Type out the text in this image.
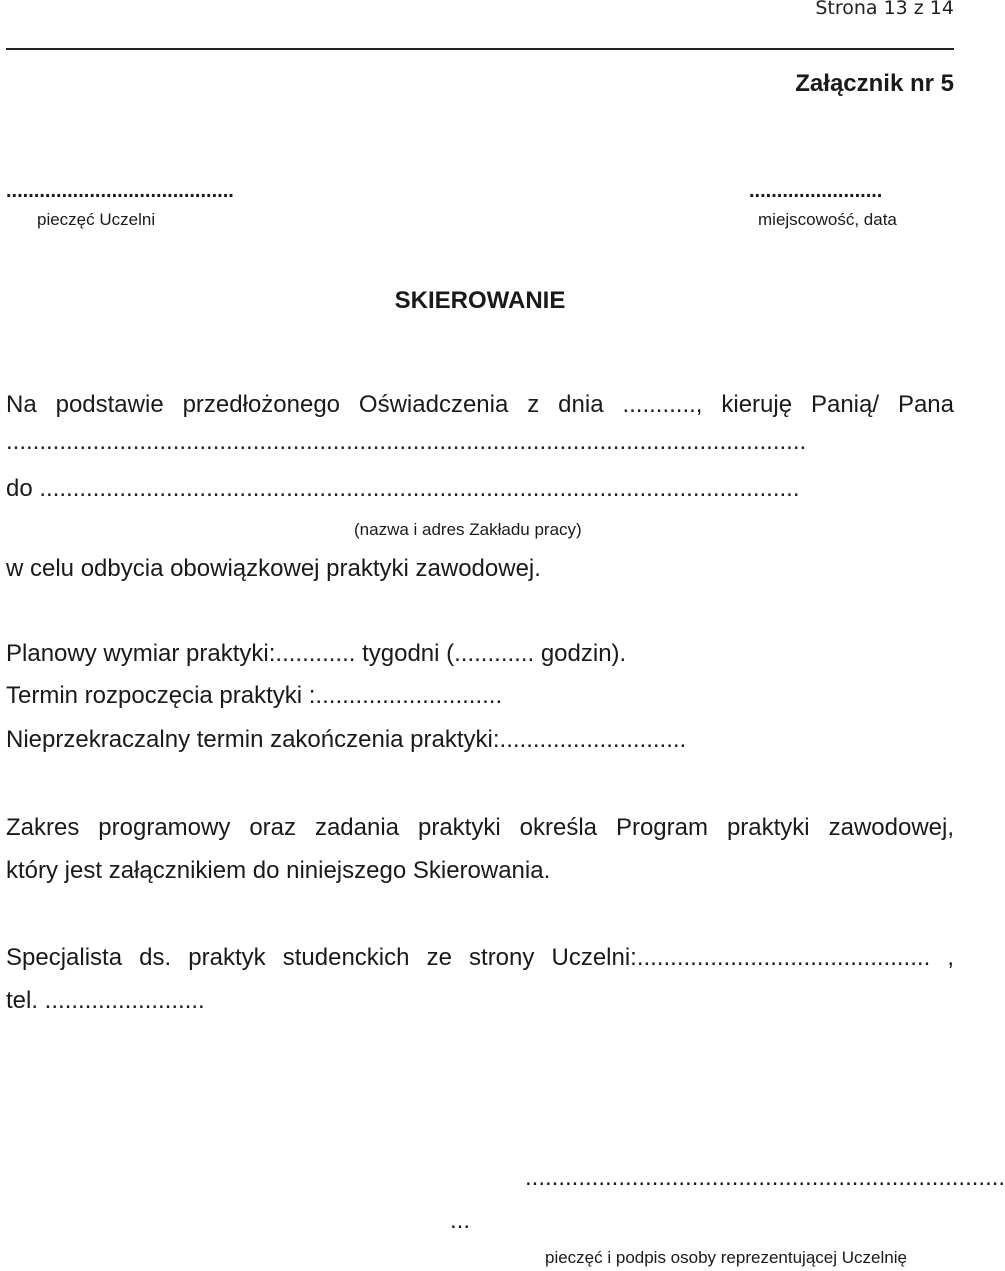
Strona 13 z 14
Załącznik nr 5
.........................................
pieczęć Uczelni
........................
miejscowość, data
SKIEROWANIE
Na podstawie przedłożonego Oświadczenia z dnia ..........., kieruję Panią/ Pana
........................................................................................................................
do ..................................................................................................................
(nazwa i adres Zakładu pracy)
w celu odbycia obowiązkowej praktyki zawodowej.
Planowy wymiar praktyki:............ tygodni (............ godzin).
Termin rozpoczęcia praktyki :............................
Nieprzekraczalny termin zakończenia praktyki:............................
Zakres programowy oraz zadania praktyki określa Program praktyki zawodowej,
który jest załącznikiem do niniejszego Skierowania.
Specjalista ds. praktyk studenckich ze strony Uczelni:............................................ ,
tel. ........................
........................................................................
...
pieczęć i podpis osoby reprezentującej Uczelnię
